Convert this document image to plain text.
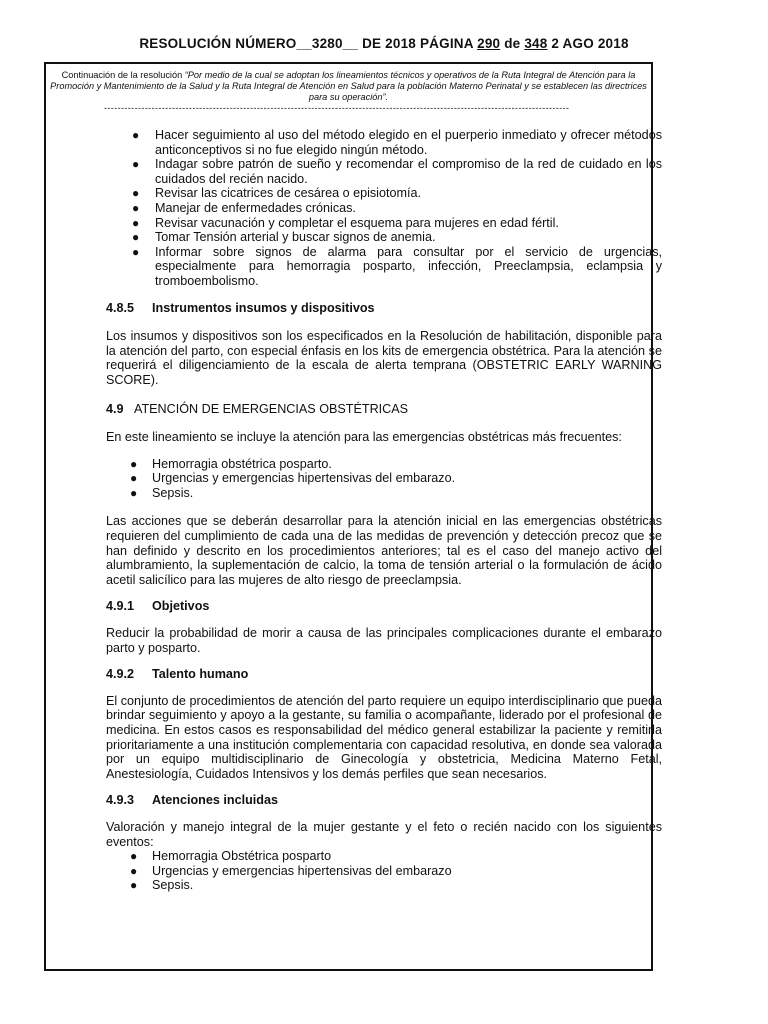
RESOLUCIÓN NÚMERO__3280__ DE 2018 PÁGINA 290 de 348 2 AGO 2018
Continuación de la resolución “Por medio de la cual se adoptan los lineamientos técnicos y operativos de la Ruta Integral de Atención para la Promoción y Mantenimiento de la Salud y la Ruta Integral de Atención en Salud para la población Materno Perinatal y se establecen las directrices para su operación”.
-----------------------------------------------------------------------------------------------------------------------------------------
● Hacer seguimiento al uso del método elegido en el puerperio inmediato y ofrecer métodos anticonceptivos si no fue elegido ningún método.
● Indagar sobre patrón de sueño y recomendar el compromiso de la red de cuidado en los cuidados del recién nacido.
● Revisar las cicatrices de cesárea o episiotomía.
● Manejar de enfermedades crónicas.
● Revisar vacunación y completar el esquema para mujeres en edad fértil.
● Tomar Tensión arterial y buscar signos de anemia.
● Informar sobre signos de alarma para consultar por el servicio de urgencias, especialmente para hemorragia posparto, infección, Preeclampsia, eclampsia y tromboembolismo.
4.8.5	Instrumentos insumos y dispositivos

Los insumos y dispositivos son los especificados en la Resolución de habilitación, disponible para la atención del parto, con especial énfasis en los kits de emergencia obstétrica. Para la atención se requerirá el diligenciamiento de la escala de alerta temprana (OBSTETRIC EARLY WARNING SCORE).

4.9 ATENCIÓN DE EMERGENCIAS OBSTÉTRICAS

En este lineamiento se incluye la atención para las emergencias obstétricas más frecuentes:

● Hemorragia obstétrica posparto.
● Urgencias y emergencias hipertensivas del embarazo.
● Sepsis.

Las acciones que se deberán desarrollar para la atención inicial en las emergencias obstétricas requieren del cumplimiento de cada una de las medidas de prevención y detección precoz que se han definido y descrito en los procedimientos anteriores; tal es el caso del manejo activo del alumbramiento, la suplementación de calcio, la toma de tensión arterial o la formulación de ácido acetil salicílico para las mujeres de alto riesgo de preeclampsia.

4.9.1	Objetivos

Reducir la probabilidad de morir a causa de las principales complicaciones durante el embarazo parto y posparto.

4.9.2	Talento humano

El conjunto de procedimientos de atención del parto requiere un equipo interdisciplinario que pueda brindar seguimiento y apoyo a la gestante, su familia o acompañante, liderado por el profesional de medicina. En estos casos es responsabilidad del médico general estabilizar la paciente y remitirla prioritariamente a una institución complementaria con capacidad resolutiva, en donde sea valorada por un equipo multidisciplinario de Ginecología y obstetricia, Medicina Materno Fetal, Anestesiología, Cuidados Intensivos y los demás perfiles que sean necesarios.

4.9.3	Atenciones incluidas

Valoración y manejo integral de la mujer gestante y el feto o recién nacido con los siguientes eventos:

● Hemorragia Obstétrica posparto
● Urgencias y emergencias hipertensivas del embarazo
● Sepsis.
